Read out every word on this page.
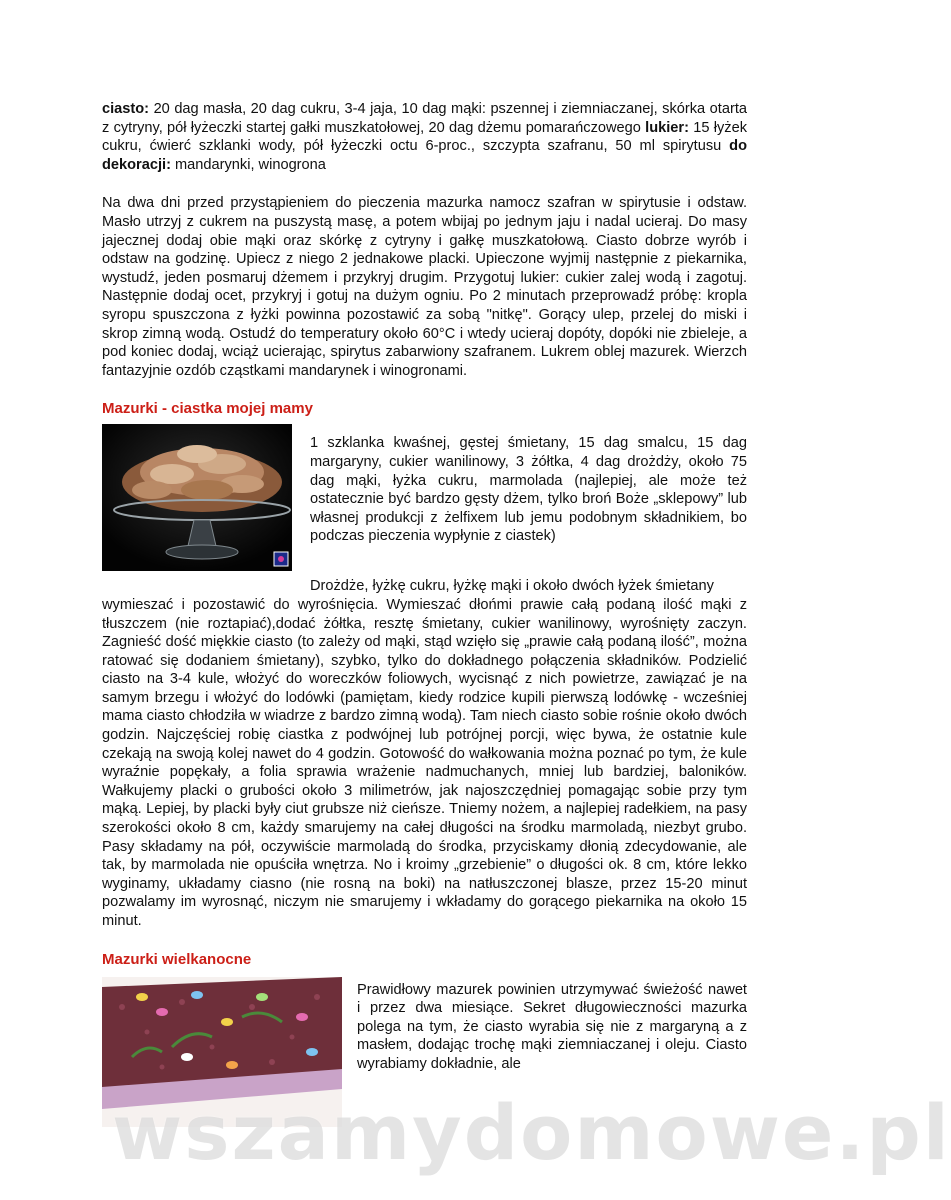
ciasto: 20 dag masła, 20 dag cukru, 3-4 jaja, 10 dag mąki: pszennej i ziemniaczanej, skórka otarta z cytryny, pół łyżeczki startej gałki muszkatołowej, 20 dag dżemu pomarańczowego lukier: 15 łyżek cukru, ćwierć szklanki wody, pół łyżeczki octu 6-proc., szczypta szafranu, 50 ml spirytusu do dekoracji: mandarynki, winogrona

Na dwa dni przed przystąpieniem do pieczenia mazurka namocz szafran w spirytusie i odstaw. Masło utrzyj z cukrem na puszystą masę, a potem wbijaj po jednym jaju i nadal ucieraj. Do masy jajecznej dodaj obie mąki oraz skórkę z cytryny i gałkę muszkatołową. Ciasto dobrze wyrób i odstaw na godzinę. Upiecz z niego 2 jednakowe placki. Upieczone wyjmij następnie z piekarnika, wystudź, jeden posmaruj dżemem i przykryj drugim. Przygotuj lukier: cukier zalej wodą i zagotuj. Następnie dodaj ocet, przykryj i gotuj na dużym ogniu. Po 2 minutach przeprowadź próbę: kropla syropu spuszczona z łyżki powinna pozostawić za sobą "nitkę". Gorący ulep, przelej do miski i skrop zimną wodą. Ostudź do temperatury około 60°C i wtedy ucieraj dopóty, dopóki nie zbieleje, a pod koniec dodaj, wciąż ucierając, spirytus zabarwiony szafranem. Lukrem oblej mazurek. Wierzch fantazyjnie ozdób cząstkami mandarynek i winogronami.

Mazurki - ciastka mojej mamy

1 szklanka kwaśnej, gęstej śmietany, 15 dag smalcu, 15 dag margaryny, cukier wanilinowy, 3 żółtka, 4 dag drożdży, około 75 dag mąki, łyżka cukru, marmolada (najlepiej, ale może też ostatecznie być bardzo gęsty dżem, tylko broń Boże „sklepowy” lub własnej produkcji z żelfixem lub jemu podobnym składnikiem, bo podczas pieczenia wypłynie z ciastek)

Drożdże, łyżkę cukru, łyżkę mąki i około dwóch łyżek śmietany

wymieszać i pozostawić do wyrośnięcia. Wymieszać dłońmi prawie całą podaną ilość mąki z tłuszczem (nie roztapiać),dodać żółtka, resztę śmietany, cukier wanilinowy, wyrośnięty zaczyn. Zagnieść dość miękkie ciasto (to zależy od mąki, stąd wzięło się „prawie całą podaną ilość”, można ratować się dodaniem śmietany), szybko, tylko do dokładnego połączenia składników. Podzielić ciasto na 3-4 kule, włożyć do woreczków foliowych, wycisnąć z nich powietrze, zawiązać je na samym brzegu i włożyć do lodówki (pamiętam, kiedy rodzice kupili pierwszą lodówkę - wcześniej mama ciasto chłodziła w wiadrze z bardzo zimną wodą). Tam niech ciasto sobie rośnie około dwóch godzin. Najczęściej robię ciastka z podwójnej lub potrójnej porcji, więc bywa, że ostatnie kule czekają na swoją kolej nawet do 4 godzin. Gotowość do wałkowania można poznać po tym, że kule wyraźnie popękały, a folia sprawia wrażenie nadmuchanych, mniej lub bardziej, baloników. Wałkujemy placki o grubości około 3 milimetrów, jak najoszczędniej pomagając sobie przy tym mąką. Lepiej, by placki były ciut grubsze niż cieńsze. Tniemy nożem, a najlepiej radełkiem, na pasy szerokości około 8 cm, każdy smarujemy na całej długości na środku marmoladą, niezbyt grubo. Pasy składamy na pół, oczywiście marmoladą do środka, przyciskamy dłonią zdecydowanie, ale tak, by marmolada nie opuściła wnętrza. No i kroimy „grzebienie” o długości ok. 8 cm, które lekko wyginamy, układamy ciasno (nie rosną na boki) na natłuszczonej blasze, przez 15-20 minut pozwalamy im wyrosnąć, niczym nie smarujemy i wkładamy do gorącego piekarnika na około 15 minut.

Mazurki wielkanocne

Prawidłowy mazurek powinien utrzymywać świeżość nawet i przez dwa miesiące. Sekret długowieczności mazurka polega na tym, że ciasto wyrabia się nie z margaryną a z masłem, dodając trochę mąki ziemniaczanej i oleju. Ciasto wyrabiamy dokładnie, ale

wszamydomowe.pl
